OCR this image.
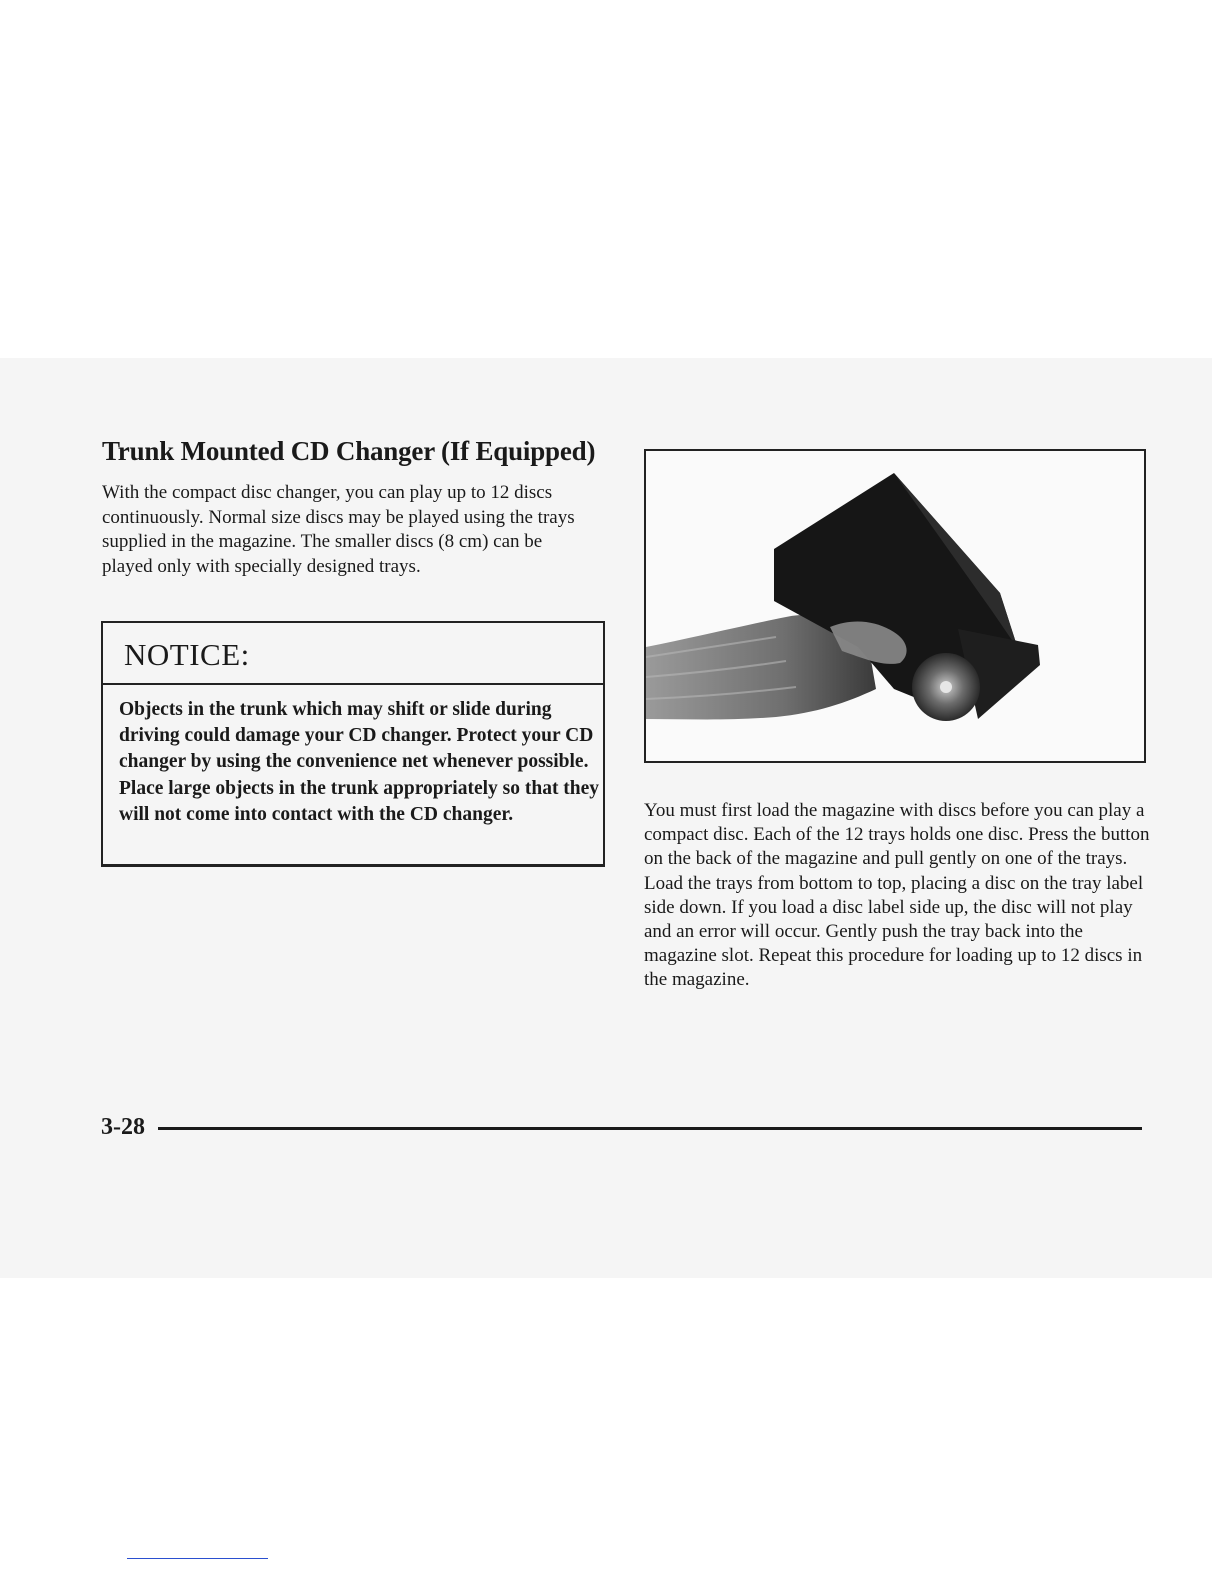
Trunk Mounted CD Changer (If Equipped)

With the compact disc changer, you can play up to 12 discs continuously. Normal size discs may be played using the trays supplied in the magazine. The smaller discs (8 cm) can be played only with specially designed trays.

NOTICE:

Objects in the trunk which may shift or slide during driving could damage your CD changer. Protect your CD changer by using the convenience net whenever possible. Place large objects in the trunk appropriately so that they will not come into contact with the CD changer.	You must first load the magazine with discs before you can play a compact disc. Each of the 12 trays holds one disc. Press the button on the back of the magazine and pull gently on one of the trays. Load the trays from bottom to top, placing a disc on the tray label side down. If you load a disc label side up, the disc will not play and an error will occur. Gently push the tray back into the magazine slot. Repeat this procedure for loading up to 12 discs in the magazine.

3-28
